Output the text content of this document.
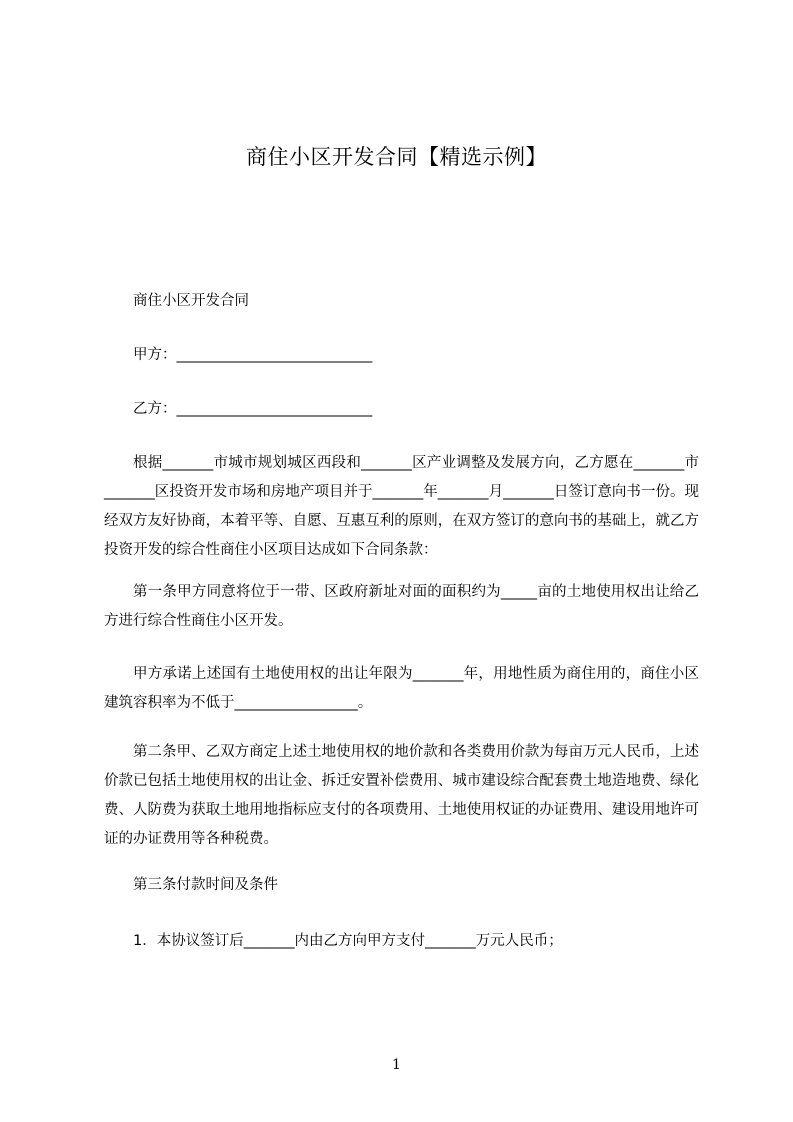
商住小区开发合同【精选示例】

商住小区开发合同

甲方：___________________________

乙方：___________________________

根据_______市城市规划城区西段和_______区产业调整及发展方向，乙方愿在_______市_______区投资开发市场和房地产项目并于_______年_______月_______日签订意向书一份。现经双方友好协商，本着平等、自愿、互惠互利的原则，在双方签订的意向书的基础上，就乙方投资开发的综合性商住小区项目达成如下合同条款：

第一条甲方同意将位于一带、区政府新址对面的面积约为_____亩的土地使用权出让给乙方进行综合性商住小区开发。

甲方承诺上述国有土地使用权的出让年限为_______年，用地性质为商住用的，商住小区建筑容积率为不低于_________________。

第二条甲、乙双方商定上述土地使用权的地价款和各类费用价款为每亩万元人民币，上述价款已包括土地使用权的出让金、拆迁安置补偿费用、城市建设综合配套费土地造地费、绿化费、人防费为获取土地用地指标应支付的各项费用、土地使用权证的办证费用、建设用地许可证的办证费用等各种税费。

第三条付款时间及条件

1．本协议签订后_______内由乙方向甲方支付_______万元人民币；

1
